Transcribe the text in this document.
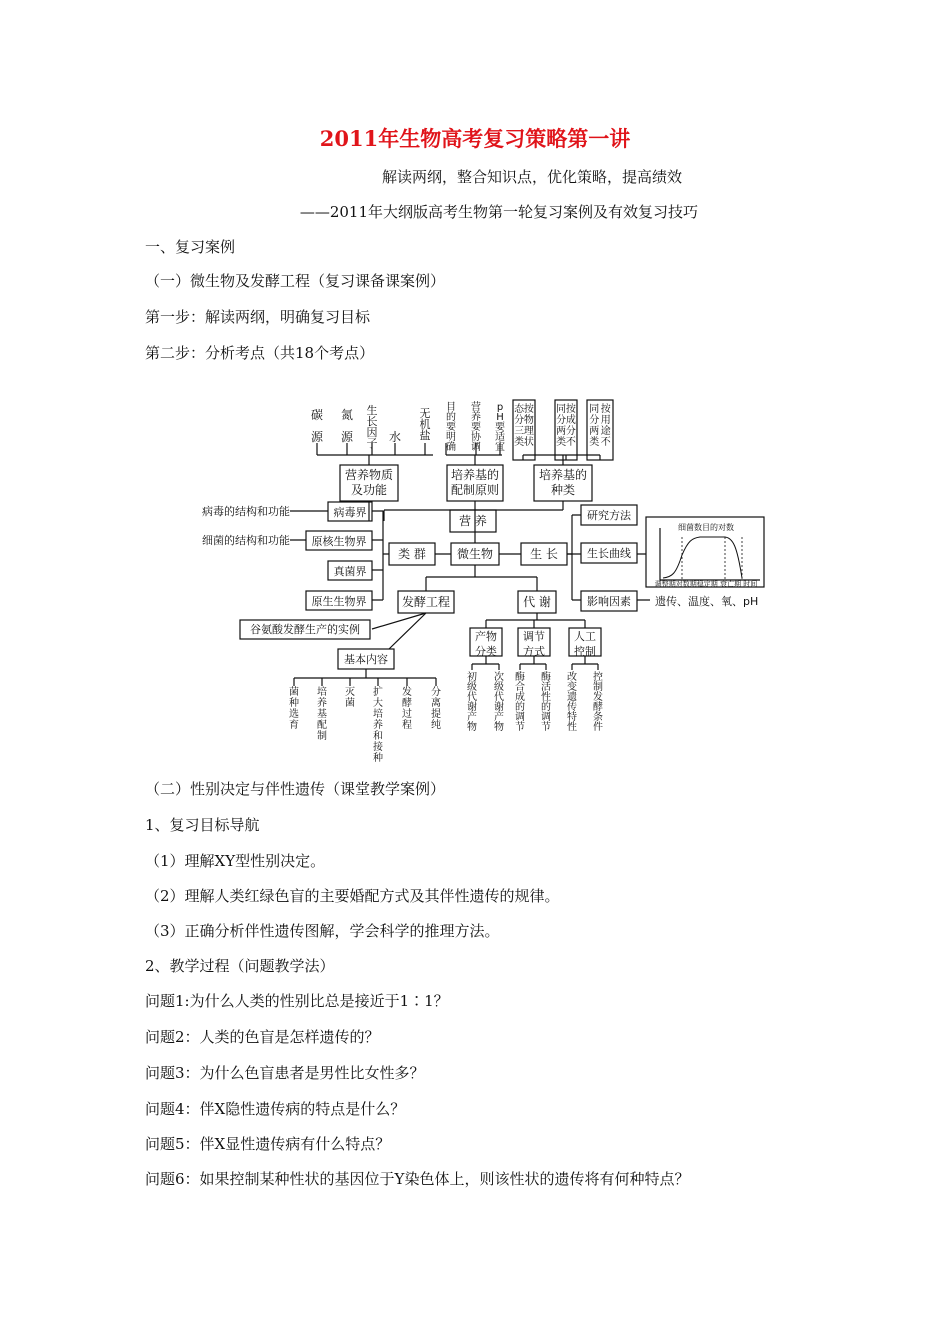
2011年生物高考复习策略第一讲
解读两纲，整合知识点，优化策略，提高绩效
——2011年大纲版高考生物第一轮复习案例及有效复习技巧
一、复习案例
（一）微生物及发酵工程（复习课备课案例）
第一步：解读两纲，明确复习目标
第二步：分析考点（共18个考点）
碳
源
氮
源
生
长
因
子 水
无
机
盐
营养物质
及功能
目
的
要
明
确
营
养
要
协
调
p
H
要
适
宜
培养基的
配制原则
按
物
理
状
态
分
三
类
按
成
分
不
同
分
两
类
按
用
途
不
同
分
两
类
培养基的
种类
营 养
微生物
类 群	生 长
代 谢
发酵工程
病毒界
原核生物界
真菌界
原生生物界
病毒的结构和功能
细菌的结构和功能
研究方法
生长曲线
影响因素 遗传、温度、氧、pH
细菌数目的对数
调整期对数期稳定期 衰亡期 时间
谷氨酸发酵生产的实例
基本内容
菌
种
选
育
培
养
基
配
制
灭
菌
扩
大
培
养
和
接
种
发
酵
过
程
分
离
提
纯
产物
分类
调节
方式
人工
控制
初
级
代
谢
产
物
次
级
代
谢
产
物
酶
合
成
的
调
节
酶
活
性
的
调
节
改
变
遗
传
特
性
控
制
发
酵
条
件
（二）性别决定与伴性遗传（课堂教学案例）
1、复习目标导航
（1）理解XY型性别决定。
（2）理解人类红绿色盲的主要婚配方式及其伴性遗传的规律。
（3）正确分析伴性遗传图解，学会科学的推理方法。
2、教学过程（问题教学法）
问题1:为什么人类的性别比总是接近于1∶1？
问题2：人类的色盲是怎样遗传的？
问题3：为什么色盲患者是男性比女性多？
问题4：伴X隐性遗传病的特点是什么？
问题5：伴X显性遗传病有什么特点？
问题6：如果控制某种性状的基因位于Y染色体上，则该性状的遗传将有何种特点？
